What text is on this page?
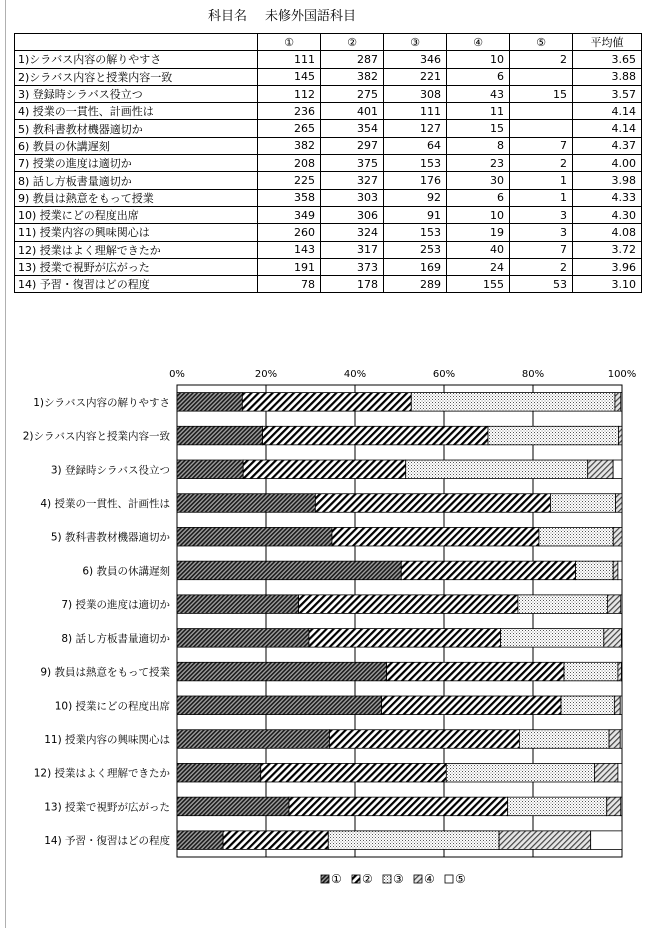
科目名 未修外国語科目
	①	②	③	④	⑤	平均値
1)シラバス内容の解りやすさ	111	287	346	10	2	3.65
2)シラバス内容と授業内容一致	145	382	221	6		3.88
3) 登録時シラバス役立つ	112	275	308	43	15	3.57
4) 授業の一貫性、計画性は	236	401	111	11		4.14
5) 教科書教材機器適切か	265	354	127	15		4.14
6) 教員の休講遅刻	382	297	64	8	7	4.37
7) 授業の進度は適切か	208	375	153	23	2	4.00
8) 話し方板書量適切か	225	327	176	30	1	3.98
9) 教員は熱意をもって授業	358	303	92	6	1	4.33
10) 授業にどの程度出席	349	306	91	10	3	4.30
11) 授業内容の興味関心は	260	324	153	19	3	4.08
12) 授業はよく理解できたか	143	317	253	40	7	3.72
13) 授業で視野が広がった	191	373	169	24	2	3.96
14) 予習・復習はどの程度	78	178	289	155	53	3.10
0%	20%	40%	60%	80%	100%
1)シラバス内容の解りやすさ
2)シラバス内容と授業内容一致
3) 登録時シラバス役立つ
4) 授業の一貫性、計画性は
5) 教科書教材機器適切か
6) 教員の休講遅刻
7) 授業の進度は適切か
8) 話し方板書量適切か
9) 教員は熱意をもって授業
10) 授業にどの程度出席
11) 授業内容の興味関心は
12) 授業はよく理解できたか
13) 授業で視野が広がった
14) 予習・復習はどの程度
① ② ③ ④ ⑤
